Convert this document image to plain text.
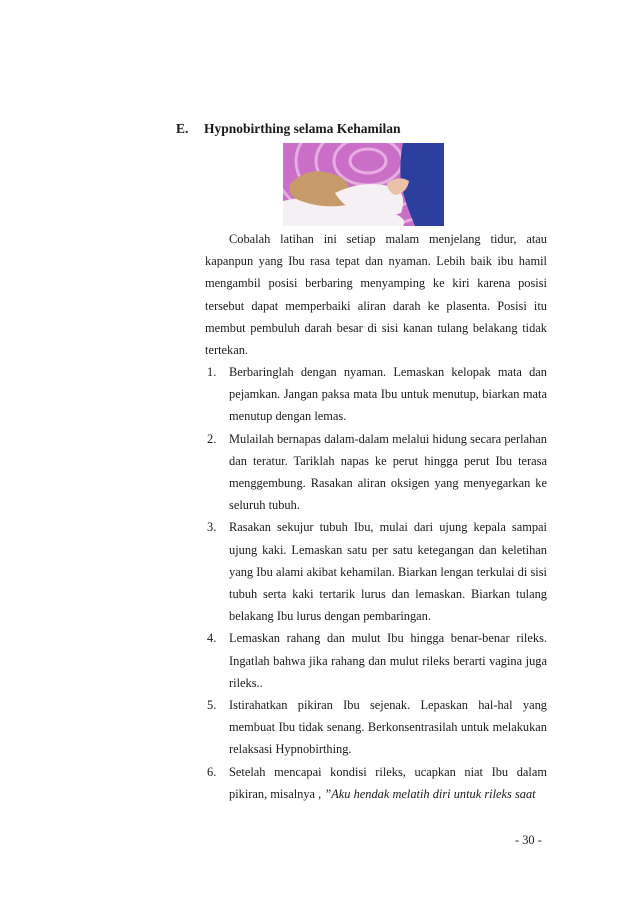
E. Hypnobirthing selama Kehamilan

Cobalah latihan ini setiap malam menjelang tidur, atau kapanpun yang Ibu rasa tepat dan nyaman. Lebih baik ibu hamil mengambil posisi berbaring menyamping ke kiri karena posisi tersebut dapat memperbaiki aliran darah ke plasenta. Posisi itu membut pembuluh darah besar di sisi kanan tulang belakang tidak tertekan.

1. Berbaringlah dengan nyaman. Lemaskan kelopak mata dan pejamkan. Jangan paksa mata Ibu untuk menutup, biarkan mata menutup dengan lemas.
2. Mulailah bernapas dalam-dalam melalui hidung secara perlahan dan teratur. Tariklah napas ke perut hingga perut Ibu terasa menggembung. Rasakan aliran oksigen yang menyegarkan ke seluruh tubuh.
3. Rasakan sekujur tubuh Ibu, mulai dari ujung kepala sampai ujung kaki. Lemaskan satu per satu ketegangan dan keletihan yang Ibu alami akibat kehamilan. Biarkan lengan terkulai di sisi tubuh serta kaki tertarik lurus dan lemaskan. Biarkan tulang belakang Ibu lurus dengan pembaringan.
4. Lemaskan rahang dan mulut Ibu hingga benar-benar rileks. Ingatlah bahwa jika rahang dan mulut rileks berarti vagina juga rileks..
5. Istirahatkan pikiran Ibu sejenak. Lepaskan hal-hal yang membuat Ibu tidak senang. Berkonsentrasilah untuk melakukan relaksasi Hypnobirthing.
6. Setelah mencapai kondisi rileks, ucapkan niat Ibu dalam pikiran, misalnya , ”Aku hendak melatih diri untuk rileks saat
- 30 -
